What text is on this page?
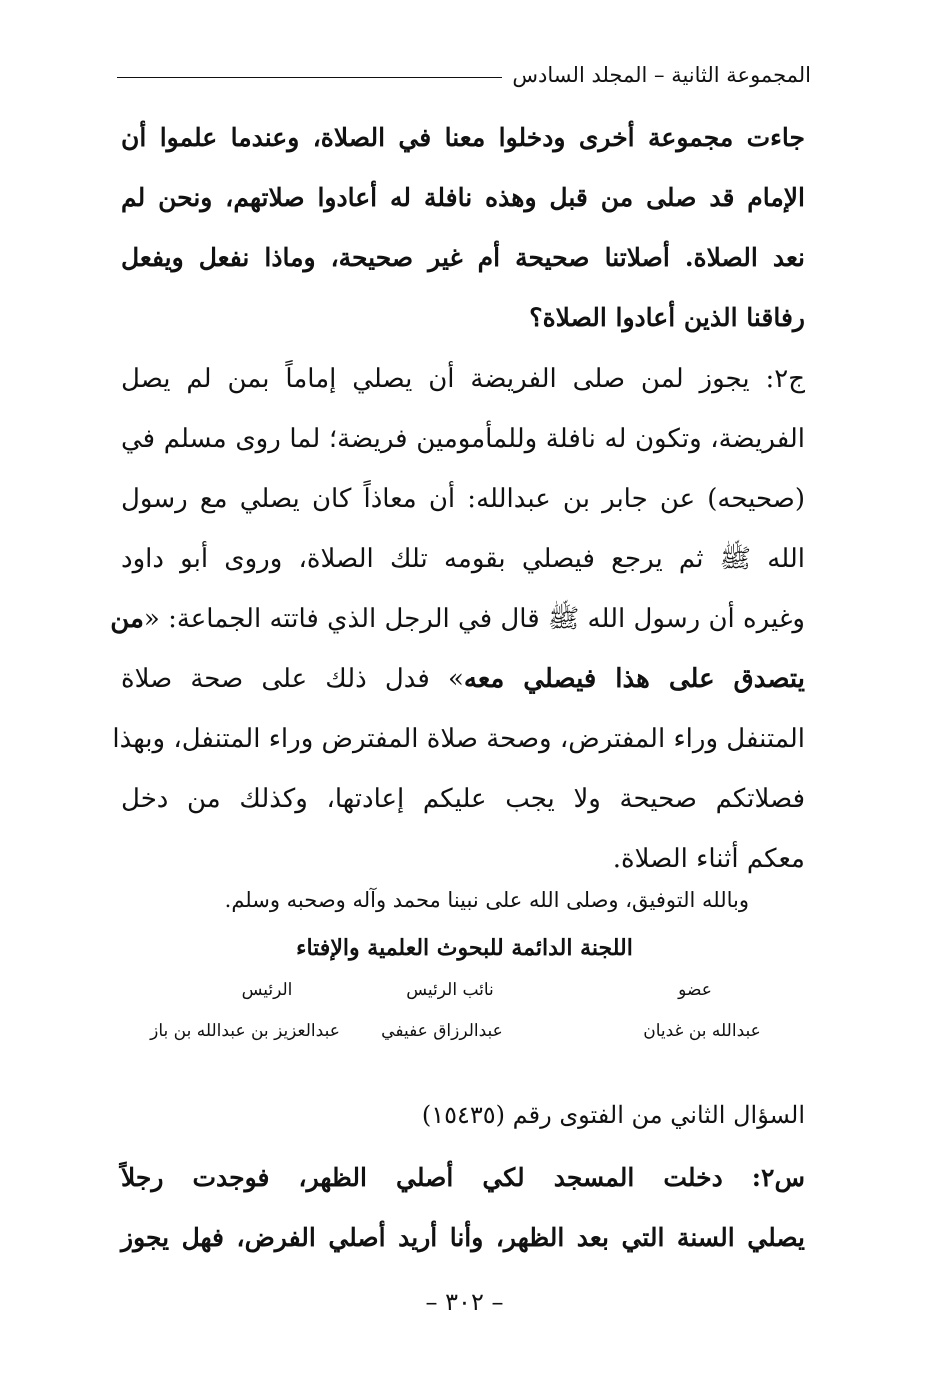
المجموعة الثانية – المجلد السادس
جاءت مجموعة أخرى ودخلوا معنا في الصلاة، وعندما علموا أن
الإمام قد صلى من قبل وهذه نافلة له أعادوا صلاتهم، ونحن لم
نعد الصلاة. أصلاتنا صحيحة أم غير صحيحة، وماذا نفعل ويفعل
رفاقنا الذين أعادوا الصلاة؟
ج٢: يجوز لمن صلى الفريضة أن يصلي إماماً بمن لم يصل
الفريضة، وتكون له نافلة وللمأمومين فريضة؛ لما روى مسلم في
(صحيحه) عن جابر بن عبدالله: أن معاذاً كان يصلي مع رسول
الله ﷺ ثم يرجع فيصلي بقومه تلك الصلاة، وروى أبو داود
وغيره أن رسول الله ﷺ قال في الرجل الذي فاتته الجماعة: «من
يتصدق على هذا فيصلي معه» فدل ذلك على صحة صلاة
المتنفل وراء المفترض، وصحة صلاة المفترض وراء المتنفل، وبهذا
فصلاتكم صحيحة ولا يجب عليكم إعادتها، وكذلك من دخل
معكم أثناء الصلاة.
وبالله التوفيق، وصلى الله على نبينا محمد وآله وصحبه وسلم.
اللجنة الدائمة للبحوث العلمية والإفتاء
عضو
نائب الرئيس
الرئيس
عبدالله بن غديان
عبدالرزاق عفيفي
عبدالعزيز بن عبدالله بن باز
السؤال الثاني من الفتوى رقم (١٥٤٣٥)
س٢: دخلت المسجد لكي أصلي الظهر، فوجدت رجلاً
يصلي السنة التي بعد الظهر، وأنا أريد أصلي الفرض، فهل يجوز
– ٣٠٢ –
